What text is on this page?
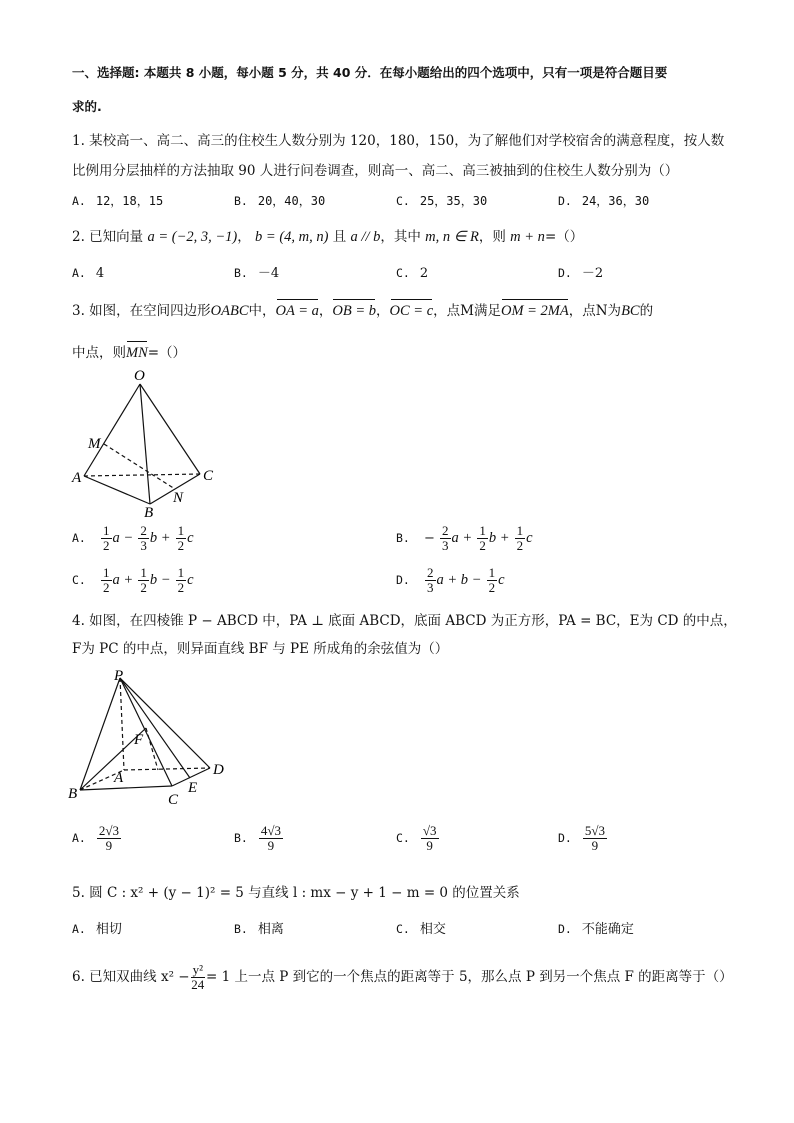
一、选择题: 本题共 8 小题，每小题 5 分，共 40 分．在每小题给出的四个选项中，只有一项是符合题目要
求的.
1. 某校高一、高二、高三的住校生人数分别为 120，180，150，为了解他们对学校宿舍的满意程度，按人数
比例用分层抽样的方法抽取 90 人进行问卷调查，则高一、高二、高三被抽到的住校生人数分别为（）
A. 12，18，15	B. 20，40，30	C. 25，35，30	D. 24，36，30
2. 已知向量 a = (−2, 3, −1)， b = (4, m, n) 且 a // b，其中 m, n ∈ R，则 m + n=（）
A. 4	B. －4	C. 2	D. －2
3. 如图，在空间四边形OABC中，OA = a，OB = b，OC = c，点M满足OM = 2MA，点N为BC的
中点，则MN=（）
O
M
A	C
N
B
A. $\frac{1}{2}$ $a - \frac{2}{3}$ $b + \frac{1}{2}$ c	B. − $\frac{2}{3}$ $a + \frac{1}{2}$ $b + \frac{1}{2}$ c
C. $\frac{1}{2}$ $a + \frac{1}{2}$ $b - \frac{1}{2}$ c	D. $\frac{2}{3}$ $a + b - \frac{1}{2}$ c
4. 如图，在四棱锥 P − ABCD 中，PA ⊥ 底面 ABCD，底面 ABCD 为正方形，PA = BC，E为 CD 的中点，
F为 PC 的中点，则异面直线 BF 与 PE 所成角的余弦值为（）
P
F
A	D
B	C
E
A. $\frac{2√3}{9}$	B. $\frac{4√3}{9}$	C. $\frac{√3}{9}$	D. $\frac{5√3}{9}$
5. 圆 C : x² + (y − 1)² = 5 与直线 l : mx − y + 1 − m = 0 的位置关系
A. 相切	B. 相离	C. 相交	D. 不能确定
6. 已知双曲线 $x^2 - \frac{\text{y²}}{24} = 1$ 上一点 P 到它的一个焦点的距离等于 5，那么点 P 到另一个焦点 F 的距离等于（）
